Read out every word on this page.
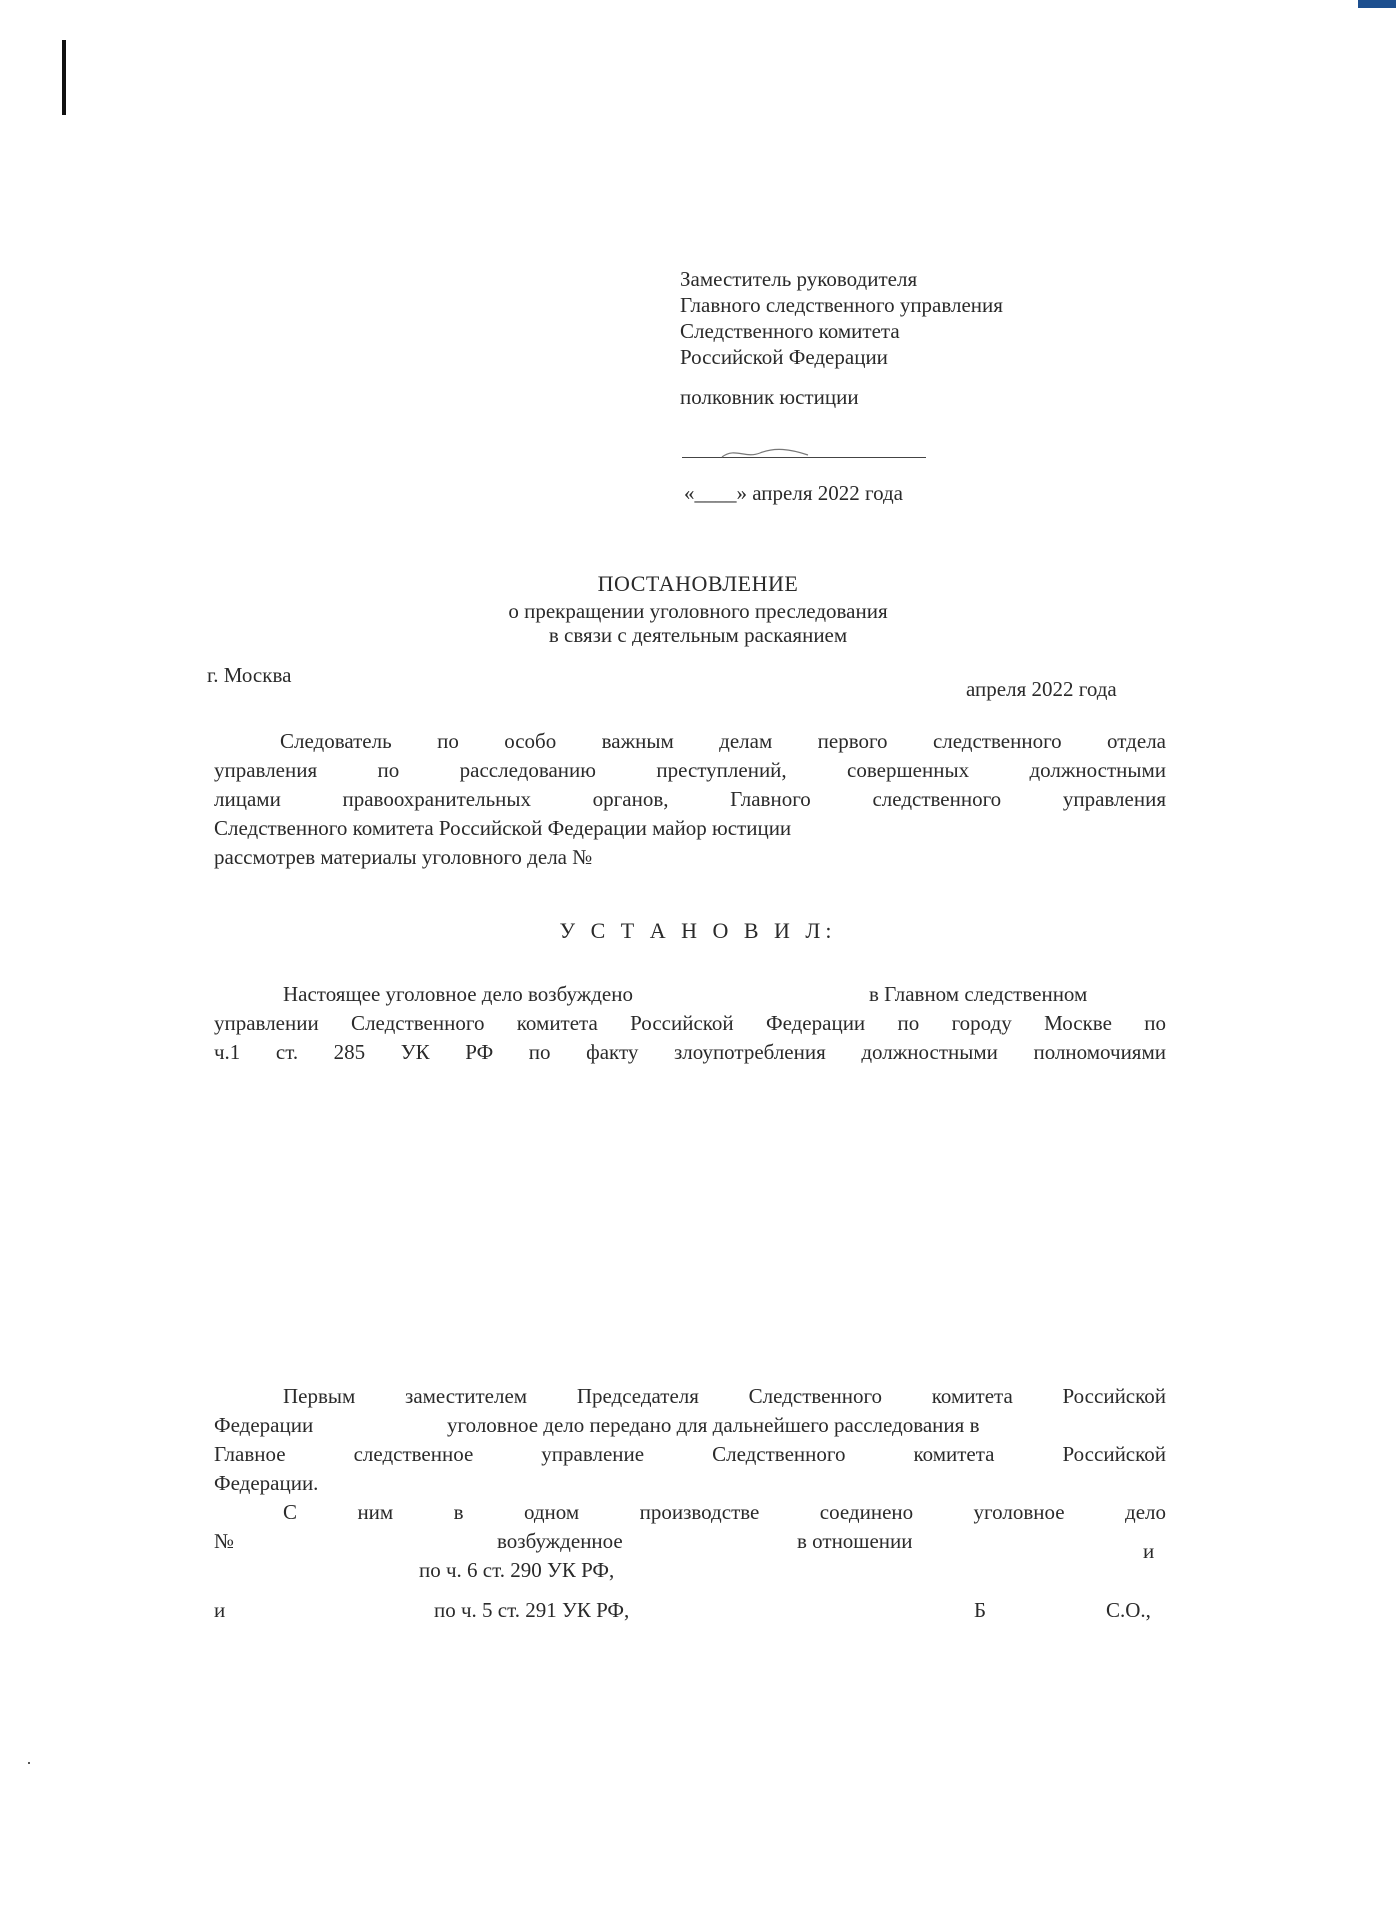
Заместитель руководителя
Главного следственного управления
Следственного комитета
Российской Федерации
полковник юстиции
«____» апреля 2022 года
ПОСТАНОВЛЕНИЕ
о прекращении уголовного преследования
в связи с деятельным раскаянием
г. Москва
апреля 2022 года
Следователь по особо важным делам первого следственного отдела
управления по расследованию преступлений, совершенных должностными
лицами правоохранительных органов, Главного следственного управления
Следственного комитета Российской Федерации майор юстиции
рассмотрев материалы уголовного дела №
У С Т А Н О В И Л:
Настоящее уголовное дело возбуждено	в Главном следственном
управлении Следственного комитета Российской Федерации по городу Москве по
ч.1 ст. 285 УК РФ по факту злоупотребления должностными полномочиями
Первым заместителем Председателя Следственного комитета Российской
Федерации	уголовное дело передано для дальнейшего расследования в
Главное следственное управление Следственного комитета Российской
Федерации.
С ним в одном производстве соединено уголовное дело
№	возбужденное	в отношении	и
по ч. 6 ст. 290 УК РФ,
и	по ч. 5 ст. 291 УК РФ,	Б	С.О.,
